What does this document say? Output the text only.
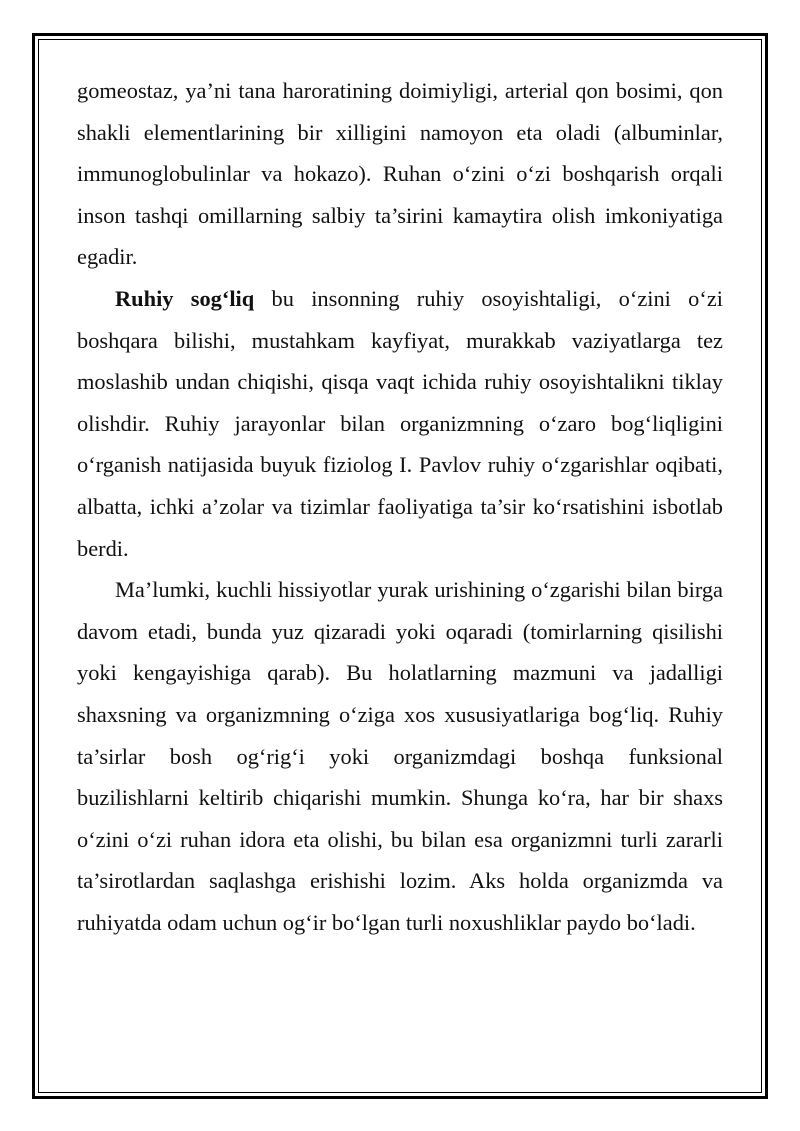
gomeostaz, ya’ni tana haroratining doimiyligi, arterial qon bosimi, qon shakli elementlarining bir xilligini namoyon eta oladi (albuminlar, immunoglobulinlar va hokazo). Ruhan o‘zini o‘zi boshqarish orqali inson tashqi omillarning salbiy ta’sirini kamaytira olish imkoniyatiga egadir.

Ruhiy sog‘liq bu insonning ruhiy osoyishtaligi, o‘zini o‘zi boshqara bilishi, mustahkam kayfiyat, murakkab vaziyatlarga tez moslashib undan chiqishi, qisqa vaqt ichida ruhiy osoyishtalikni tiklay olishdir. Ruhiy jarayonlar bilan organizmning o‘zaro bog‘liqligini o‘rganish natijasida buyuk fiziolog I. Pavlov ruhiy o‘zgarishlar oqibati, albatta, ichki a’zolar va tizimlar faoliyatiga ta’sir ko‘rsatishini isbotlab berdi.

Ma’lumki, kuchli hissiyotlar yurak urishining o‘zgarishi bilan birga davom etadi, bunda yuz qizaradi yoki oqaradi (tomirlarning qisilishi yoki kengayishiga qarab). Bu holatlarning mazmuni va jadalligi shaxsning va organizmning o‘ziga xos xususiyatlariga bog‘liq. Ruhiy ta’sirlar bosh og‘rig‘i yoki organizmdagi boshqa funksional buzilishlarni keltirib chiqarishi mumkin. Shunga ko‘ra, har bir shaxs o‘zini o‘zi ruhan idora eta olishi, bu bilan esa organizmni turli zararli ta’sirotlardan saqlashga erishishi lozim. Aks holda organizmda va ruhiyatda odam uchun og‘ir bo‘lgan turli noxushliklar paydo bo‘ladi.
